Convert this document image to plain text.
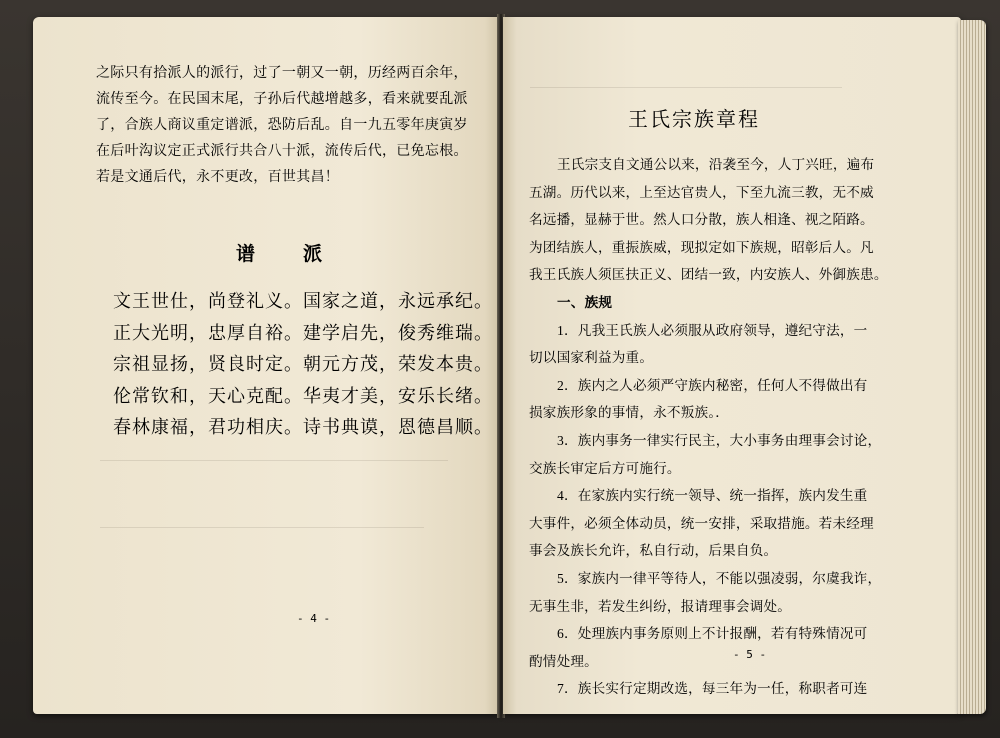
―――――――――――――――――――――――――――――
―――――――――――――――――――――――――――
――――――――――――――――――――――――――

之际只有拾派人的派行，过了一朝又一朝，历经两百余年，
流传至今。在民国末尾，子孙后代越增越多，看来就要乱派
了，合族人商议重定谱派，恐防后乱。自一九五零年庚寅岁
在后叶沟议定正式派行共合八十派，流传后代，已免忘根。
若是文通后代，永不更改，百世其昌！

谱 派
文王世仕，尚登礼义。国家之道，永远承纪。
正大光明，忠厚自裕。建学启先，俊秀维瑞。
宗祖显扬，贤良时定。朝元方茂，荣发本贵。
伦常钦和，天心克配。华夷才美，安乐长绪。
春林康福，君功相庆。诗书典谟，恩德昌顺。
- 4 -
王氏宗族章程
王氏宗支自文通公以来，沿袭至今，人丁兴旺，遍布
五湖。历代以来，上至达官贵人，下至九流三教，无不威
名远播，显赫于世。然人口分散，族人相逢、视之陌路。
为团结族人，重振族威，现拟定如下族规，昭彰后人。凡
我王氏族人须匡扶正义、团结一致，内安族人、外御族患。
一、族规
1．凡我王氏族人必须服从政府领导，遵纪守法，一
切以国家利益为重。
2．族内之人必须严守族内秘密，任何人不得做出有
损家族形象的事情，永不叛族。．
3．族内事务一律实行民主，大小事务由理事会讨论，
交族长审定后方可施行。
4．在家族内实行统一领导、统一指挥，族内发生重
大事件，必须全体动员，统一安排，采取措施。若未经理
事会及族长允许，私自行动，后果自负。
5．家族内一律平等待人，不能以强凌弱，尔虞我诈，
无事生非，若发生纠纷，报请理事会调处。
6．处理族内事务原则上不计报酬，若有特殊情况可
酌情处理。
7．族长实行定期改选，每三年为一任，称职者可连
- 5 -
